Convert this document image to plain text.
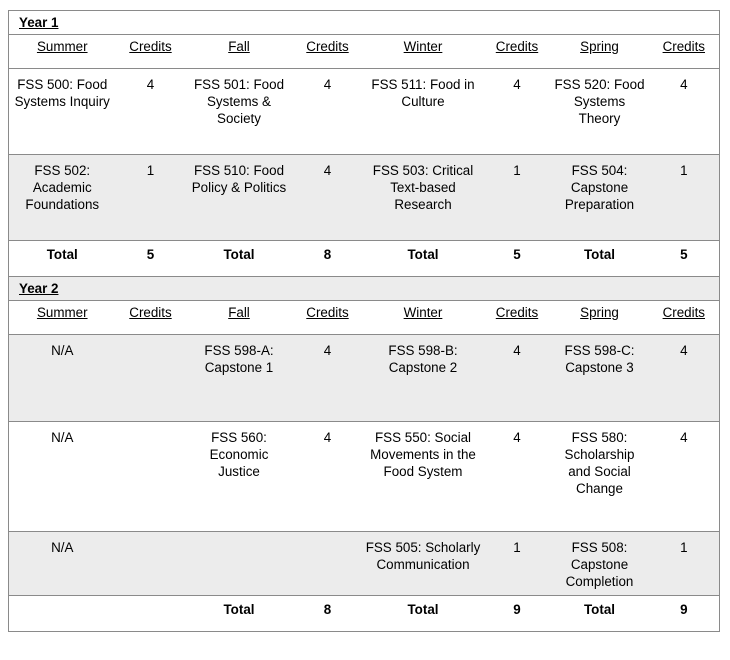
Year 1							
Summer	Credits	Fall	Credits	Winter	Credits	Spring	Credits
FSS 500: Food Systems Inquiry	4	FSS 501: Food Systems & Society	4	FSS 511: Food in Culture	4	FSS 520: Food Systems Theory	4
FSS 502: Academic Foundations	1	FSS 510: Food Policy & Politics	4	FSS 503: Critical Text-based Research	1	FSS 504: Capstone Preparation	1
Total	5	Total	8	Total	5	Total	5
Year 2							
Summer	Credits	Fall	Credits	Winter	Credits	Spring	Credits
N/A		FSS 598-A: Capstone 1	4	FSS 598-B: Capstone 2	4	FSS 598-C: Capstone 3	4
N/A		FSS 560: Economic Justice	4	FSS 550: Social Movements in the Food System	4	FSS 580: Scholarship and Social Change	4
N/A				FSS 505: Scholarly Communication	1	FSS 508: Capstone Completion	1
		Total	8	Total	9	Total	9
